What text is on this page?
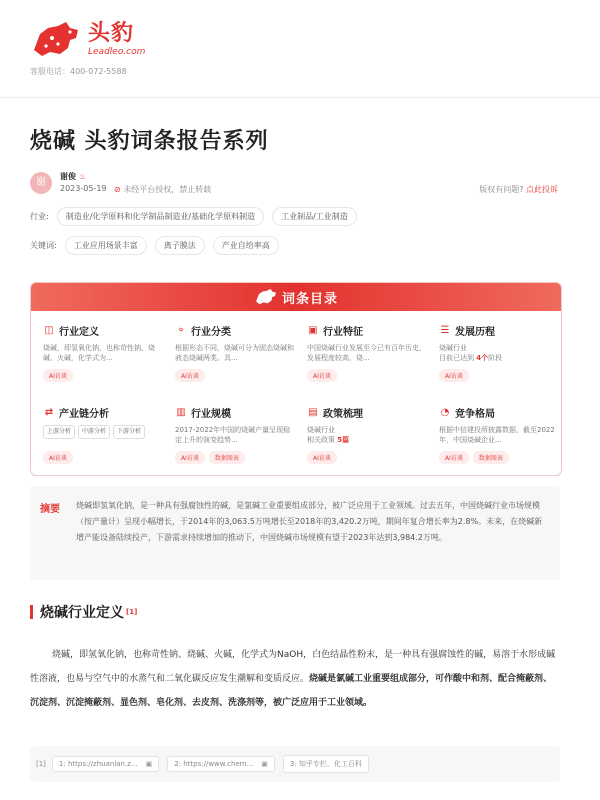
头豹
Leadleo.com
客服电话：400-072-5588
烧碱 头豹词条报告系列
谢
谢俊 ♨
2023-05-19 ⊘ 未经平台授权，禁止转载	版权有问题? 点此投诉
行业:	制造业/化学原料和化学制品制造业/基础化学原料制造	工业制品/工业制造
关键词:	工业应用场景丰富	离子膜法	产业自给率高
词条目录
◫ 行业定义
烧碱，即氢氧化钠，也称苛性钠、烧碱、火碱，化学式为...
AI访谈
⚬ 行业分类
根据形态不同，烧碱可分为固态烧碱和液态烧碱两类。具...
AI访谈
▣ 行业特征
中国烧碱行业发展至今已有百年历史，发展程度较高，烧...
AI访谈
☰ 发展历程
烧碱行业
目前已达到 4个阶段
AI访谈
⇄ 产业链分析
上游分析 中游分析 下游分析
AI访谈
▥ 行业规模
2017-2022年中国的烧碱产量呈现稳定上升的演变趋势...
AI访谈	数据图表
▤ 政策梳理
烧碱行业
相关政策 5篇
AI访谈
◔ 竞争格局
根据中信建投所披露数据，截至2022年，中国烧碱企业...
AI访谈	数据图表
摘要 烧碱即氢氧化钠，是一种具有强腐蚀性的碱，是氯碱工业重要组成部分，被广泛应用于工业领域。过去五年，中国烧碱行业市场规模（按产量计）呈现小幅增长，于2014年的3,063.5万吨增长至2018年的3,420.2万吨，期间年复合增长率为2.8%。未来，在烧碱新增产能设备陆续投产，下游需求持续增加的推动下，中国烧碱市场规模有望于2023年达到3,984.2万吨。
烧碱行业定义 [1]
烧碱，即氢氧化钠，也称苛性钠、烧碱、火碱，化学式为NaOH，白色结晶性粉末，是一种具有强腐蚀性的碱，易溶于水形成碱性溶液，也易与空气中的水蒸气和二氧化碳反应发生潮解和变质反应。烧碱是氯碱工业重要组成部分，可作酸中和剂、配合掩蔽剂、沉淀剂、沉淀掩蔽剂、显色剂、皂化剂、去皮剂、洗涤剂等，被广泛应用于工业领域。
[1] 1: https://zhuanlan.z... ▣	2: https://www.chem... ▣	3: 知乎专栏、化工百科
